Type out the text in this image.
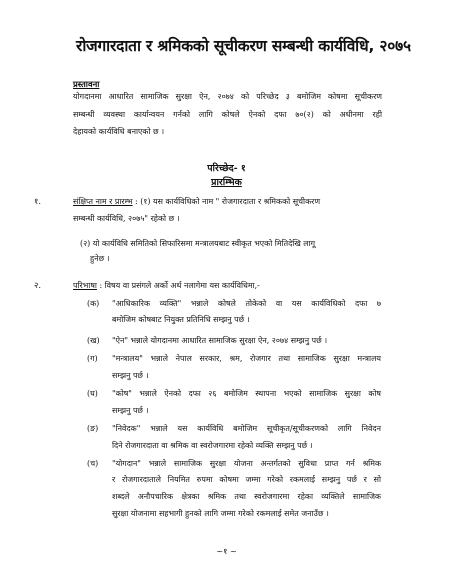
रोजगारदाता र श्रमिकको सूचीकरण सम्बन्धी कार्यविधि, २०७५
प्रस्तावना
योगदानमा आधारित सामाजिक सुरक्षा ऐन, २०७४ को परिच्छेद ३ बमोजिम कोषमा सूचीकरण
सम्बन्धी व्यवस्था कार्यान्वयन गर्नको लागि कोषले ऐनको दफा ७०(२) को अधीनमा रही
देहायको कार्यविधि बनाएको छ ।
परिच्छेद- १
प्रारम्भिक
१.	संक्षिप्त नाम र प्रारम्भ : (१) यस कार्यविधिको नाम " रोजगारदाता र श्रमिकको सूचीकरण
सम्बन्धी कार्यविधि, २०७५" रहेको छ ।
(२) यो कार्यविधि समितिको सिफारिसमा मन्त्रालयबाट स्वीकृत भएको मितिदेखि लागू
हुनेछ ।
२.	परिभाषा : विषय वा प्रसंगले अर्को अर्थ नलागेमा यस कार्यविधिमा,-
(क) "आधिकारिक व्यक्ति" भन्नाले कोषले तोकेको वा यस कार्यविधिको दफा ७
बमोजिम कोषबाट नियुक्त प्रतिनिधि सम्झनु पर्छ ।
(ख) "ऐन" भन्नाले योगदानमा आधारित सामाजिक सुरक्षा ऐन, २०७४ सम्झनु पर्छ ।
(ग) "मन्त्रालय" भन्नाले नेपाल सरकार, श्रम, रोजगार तथा सामाजिक सुरक्षा मन्त्रालय
सम्झनु पर्छ ।
(घ) "कोष" भन्नाले ऐनको दफा २६ बमोजिम स्थापना भएको सामाजिक सुरक्षा कोष
सम्झनु पर्छ ।
(ङ) "निवेदक" भन्नाले यस कार्यविधि बमोजिम सूचीकृत/सूचीकरणको लागि निवेदन
दिने रोजगारदाता वा श्रमिक वा स्वरोजगारमा रहेको व्यक्ति सम्झनु पर्छ ।
(च) "योगदान" भन्नाले सामाजिक सुरक्षा योजना अन्तर्गतको सुविधा प्राप्त गर्न श्रमिक
र रोजगारदाताले नियमित रुपमा कोषमा जम्मा गरेको रकमलाई सम्झनु पर्छ र सो
शब्दले अनौपचारिक क्षेत्रका श्रमिक तथा स्वरोजगारमा रहेका व्यक्तिले सामाजिक
सुरक्षा योजनामा सहभागी हुनको लागि जम्मा गरेको रकमलाई समेत जनाउँछ ।
~१ ~
